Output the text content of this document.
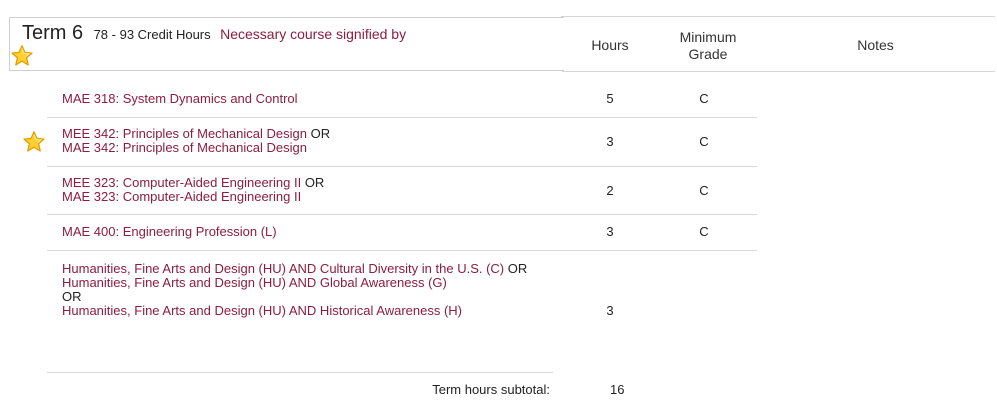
Term 6 78 - 93 Credit Hours Necessary course signified by
Hours	Minimum
Grade
Notes
MAE 318: System Dynamics and Control	5	C
MEE 342: Principles of Mechanical Design OR
MAE 342: Principles of Mechanical Design	3	C
MEE 323: Computer-Aided Engineering II OR
MAE 323: Computer-Aided Engineering II	2	C
MAE 400: Engineering Profession (L)	3	C
Humanities, Fine Arts and Design (HU) AND Cultural Diversity in the U.S. (C) OR
Humanities, Fine Arts and Design (HU) AND Global Awareness (G)
OR
Humanities, Fine Arts and Design (HU) AND Historical Awareness (H)	3
Term hours subtotal:	16
